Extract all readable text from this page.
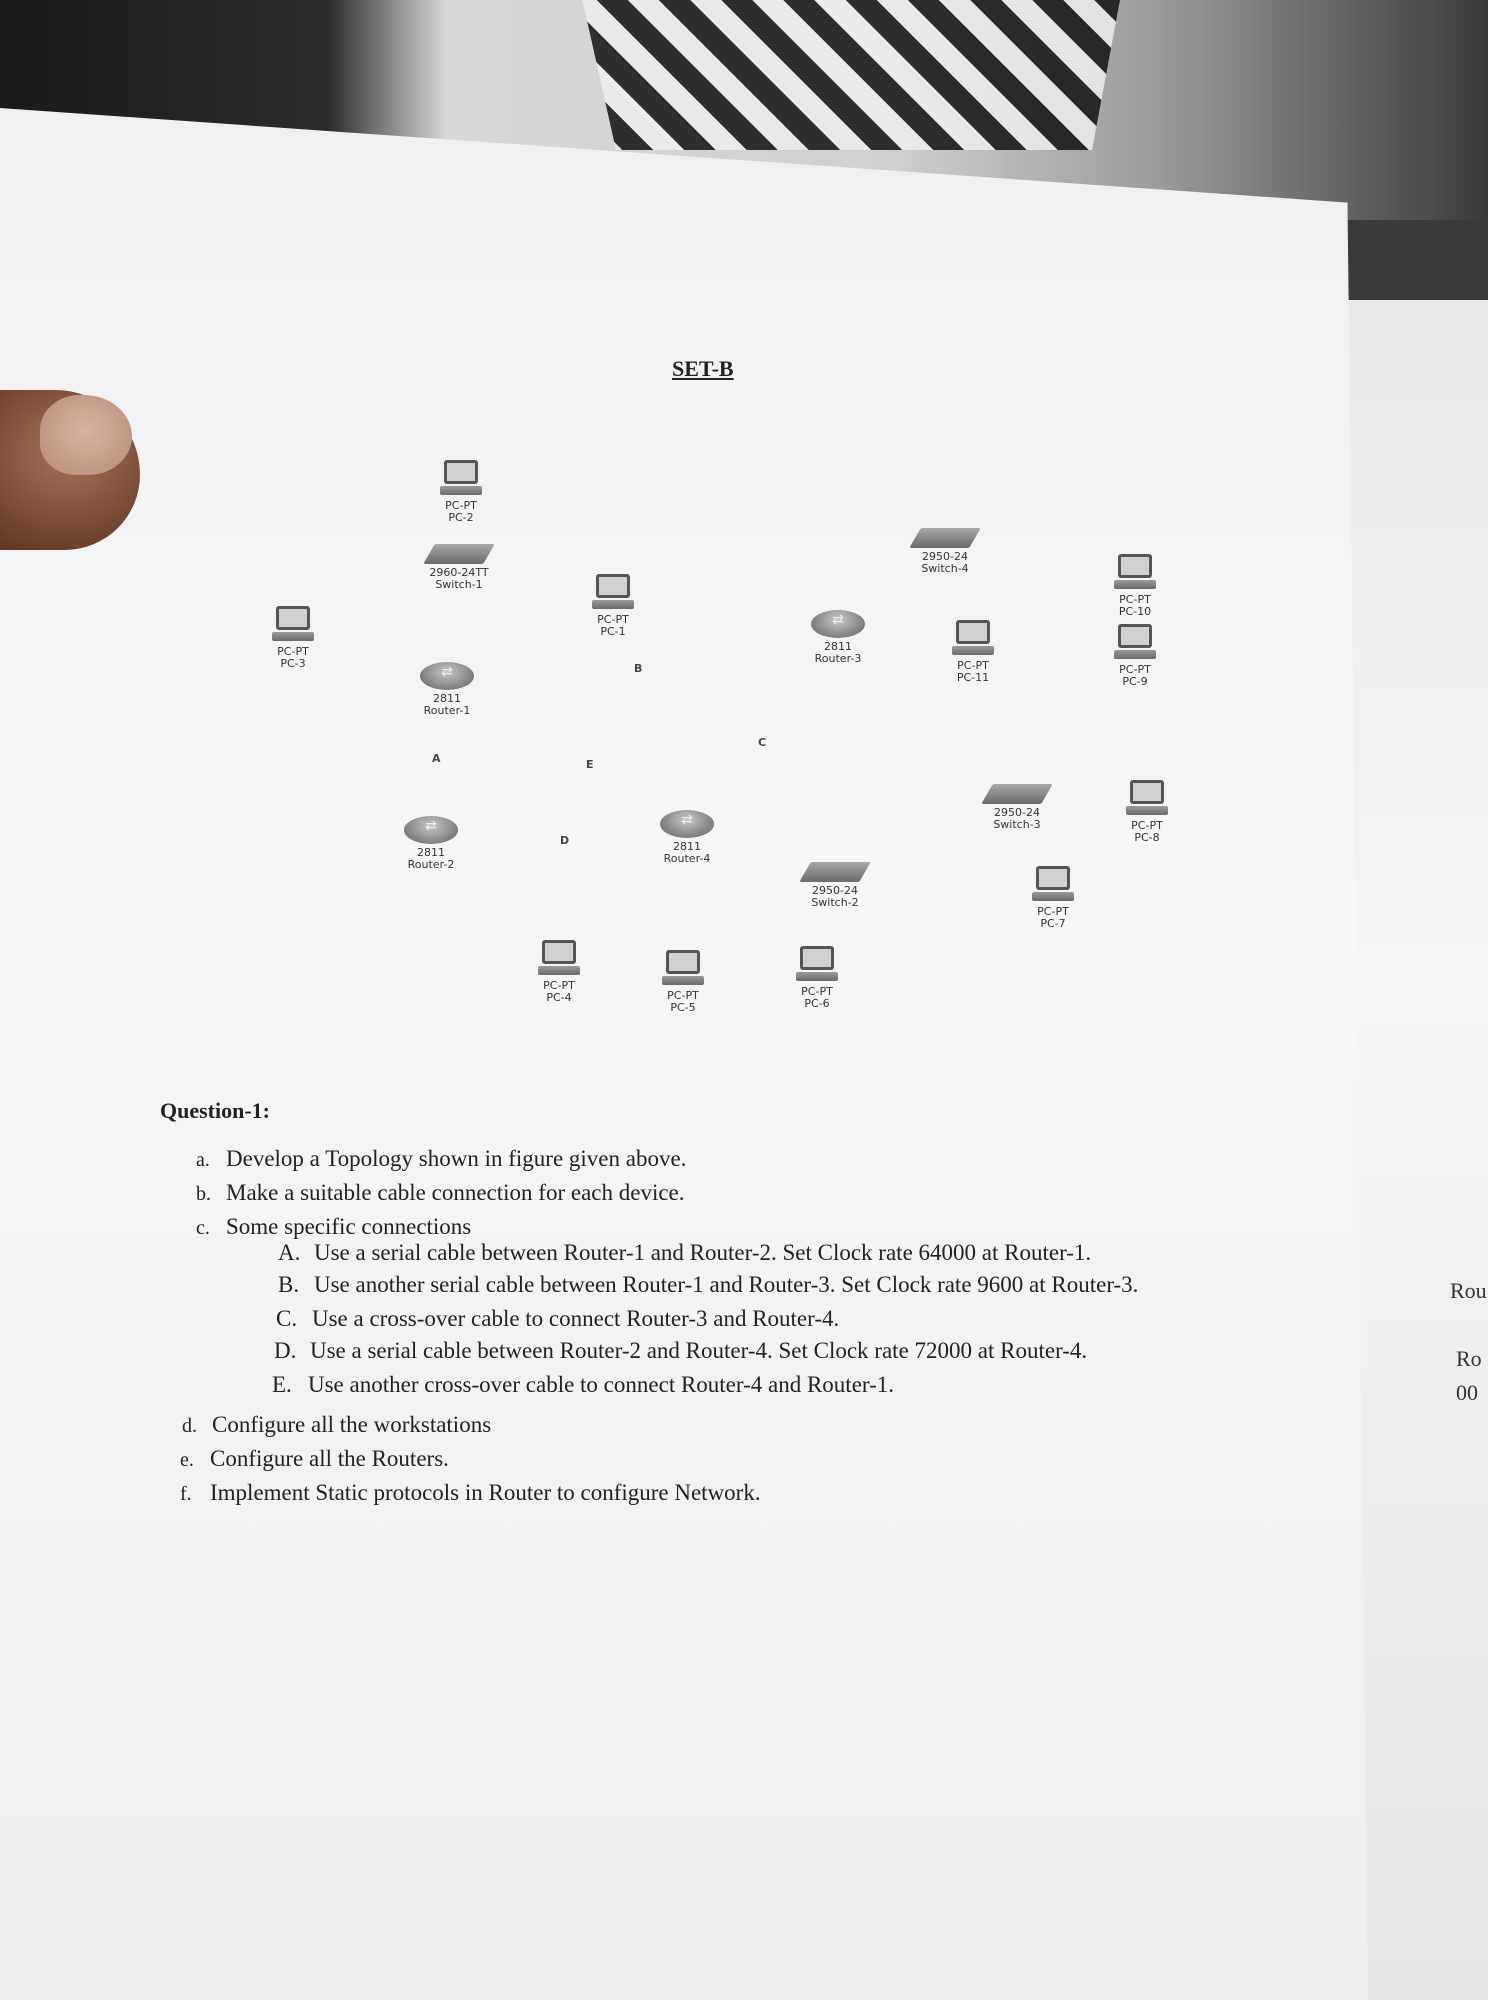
SET-B
PC-PT
PC-2
2960-24TT
Switch-1
PC-PT
PC-1
PC-PT
PC-3
⇄
2811
Router-1
⇄
2811
Router-3
2950-24
Switch-4
PC-PT
PC-11
PC-PT
PC-10
PC-PT
PC-9
⇄
2811
Router-2
⇄
2811
Router-4
2950-24
Switch-3	PC-PT
PC-8
2950-24
Switch-2
PC-PT
PC-7
PC-PT
PC-4	PC-PT
PC-5
PC-PT
PC-6
A
B
C
D
E
Question-1:
a. Develop a Topology shown in figure given above.
b. Make a suitable cable connection for each device.
c. Some specific connections
A. Use a serial cable between Router-1 and Router-2. Set Clock rate 64000 at Router-1.
B. Use another serial cable between Router-1 and Router-3. Set Clock rate 9600 at Router-3.
C. Use a cross-over cable to connect Router-3 and Router-4.
D. Use a serial cable between Router-2 and Router-4. Set Clock rate 72000 at Router-4.
E. Use another cross-over cable to connect Router-4 and Router-1.
d. Configure all the workstations
e. Configure all the Routers.
f. Implement Static protocols in Router to configure Network.
Rou
Ro
00
